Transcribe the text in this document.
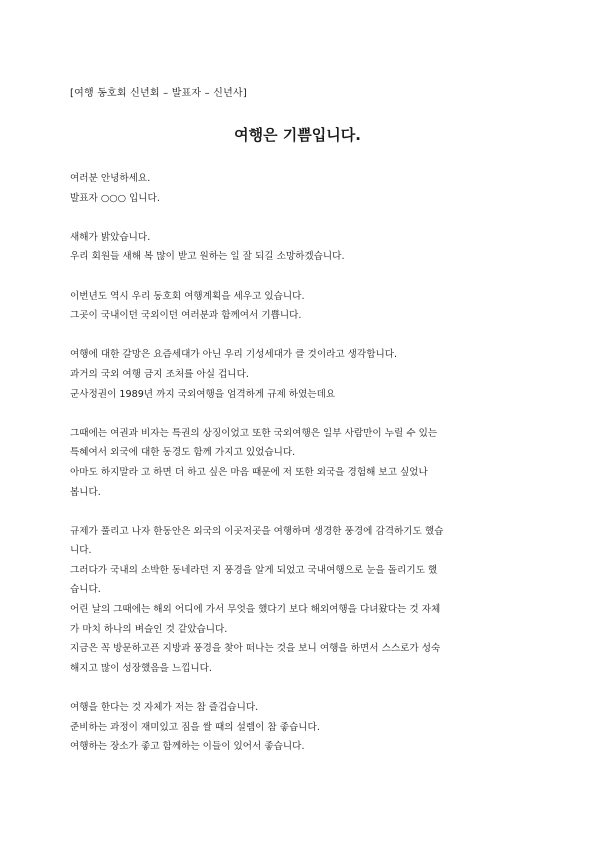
[여행 동호회 신년회 – 발표자 – 신년사]
여행은 기쁨입니다.

여러분 안녕하세요.

발표자 ○○○ 입니다.

새해가 밝았습니다.

우리 회원들 새해 복 많이 받고 원하는 일 잘 되길 소망하겠습니다.

이번년도 역시 우리 동호회 여행계획을 세우고 있습니다.

그곳이 국내이던 국외이던 여러분과 함께여서 기쁩니다.

여행에 대한 갈망은 요즘세대가 아닌 우리 기성세대가 클 것이라고 생각합니다.

과거의 국외 여행 금지 조처를 아실 겁니다.

군사정권이 1989년 까지 국외여행을 엄격하게 규제 하였는데요

그때에는 여권과 비자는 특권의 상징이었고 또한 국외여행은 일부 사람만이 누릴 수 있는

특혜여서 외국에 대한 동경도 함께 가지고 있었습니다.

아마도 하지말라 고 하면 더 하고 싶은 마음 때문에 저 또한 외국을 경험해 보고 싶었나

봅니다.

규제가 풀리고 나자 한동안은 외국의 이곳저곳을 여행하며 생경한 풍경에 감격하기도 했습

니다.

그러다가 국내의 소박한 동네라던 지 풍경을 알게 되었고 국내여행으로 눈을 돌리기도 했

습니다.

어린 날의 그때에는 해외 어디에 가서 무엇을 했다기 보다 해외여행을 다녀왔다는 것 자체

가 마치 하나의 벼슬인 것 같았습니다.

지금은 꼭 방문하고픈 지방과 풍경을 찾아 떠나는 것을 보니 여행을 하면서 스스로가 성숙

해지고 많이 성장했음을 느낍니다.

여행을 한다는 것 자체가 저는 참 즐겁습니다.

준비하는 과정이 재미있고 짐을 쌀 때의 설렘이 참 좋습니다.

여행하는 장소가 좋고 함께하는 이들이 있어서 좋습니다.
